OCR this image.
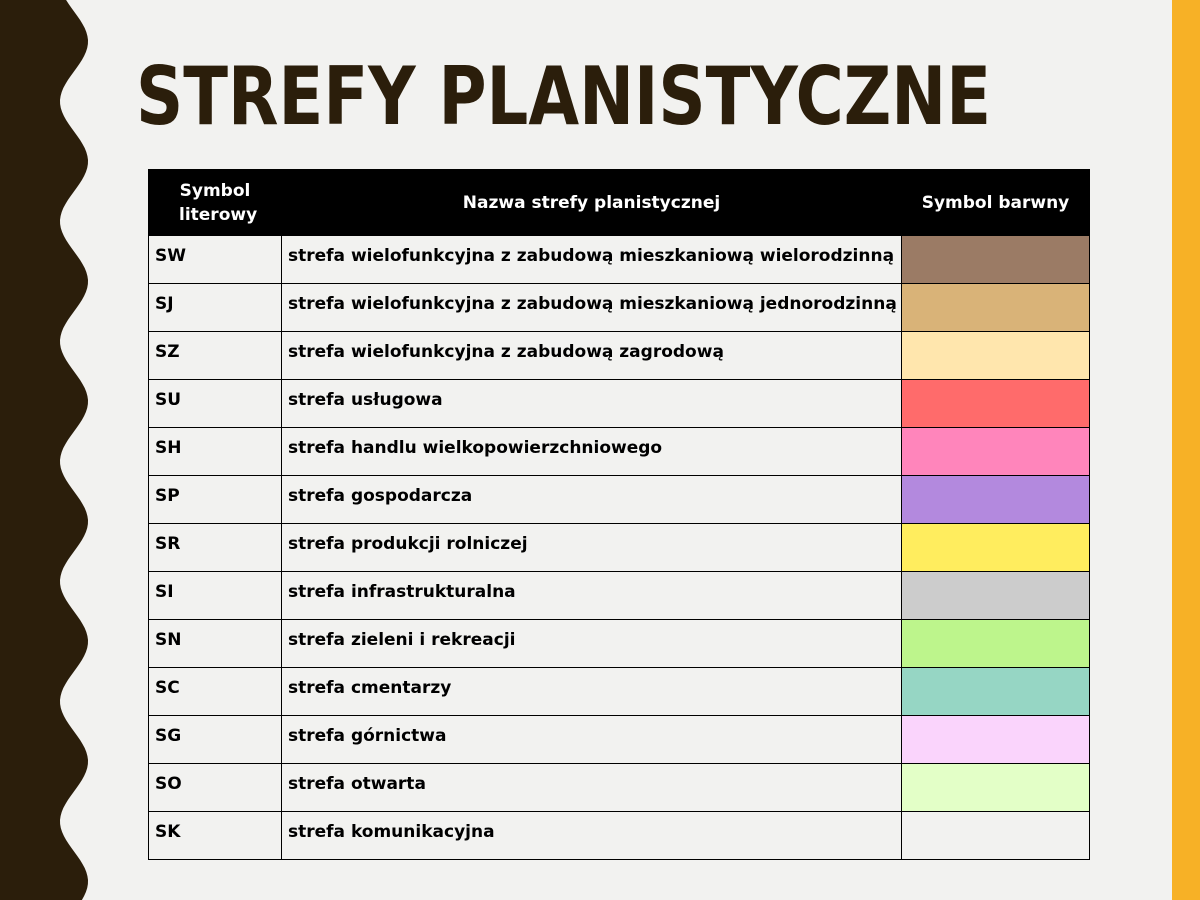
STREFY PLANISTYCZNE
Symbol literowy	Nazwa strefy planistycznej	Symbol barwny
SW	strefa wielofunkcyjna z zabudową mieszkaniową wielorodzinną	
SJ	strefa wielofunkcyjna z zabudową mieszkaniową jednorodzinną	
SZ	strefa wielofunkcyjna z zabudową zagrodową	
SU	strefa usługowa	
SH	strefa handlu wielkopowierzchniowego	
SP	strefa gospodarcza	
SR	strefa produkcji rolniczej	
SI	strefa infrastrukturalna	
SN	strefa zieleni i rekreacji	
SC	strefa cmentarzy	
SG	strefa górnictwa	
SO	strefa otwarta	
SK	strefa komunikacyjna	
